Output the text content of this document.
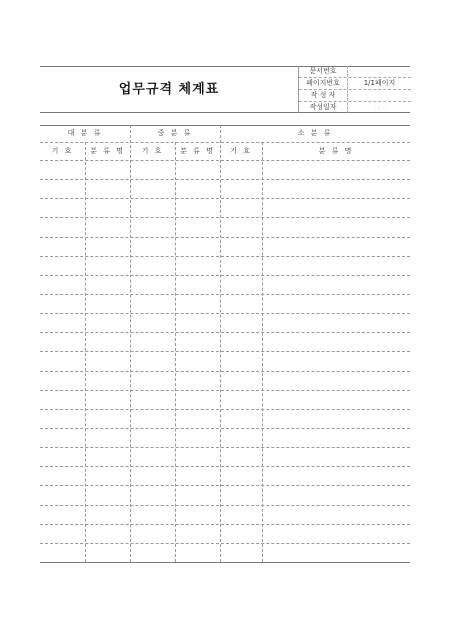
업무규격 체계표
문서번호
페이지번호	1/1페이지
작 성 자
작성일자	. . .
대 분 류	중 분 류	소 분 류
기 호	분 류 명	기 호	분 류 명	기 호	분 류 명
